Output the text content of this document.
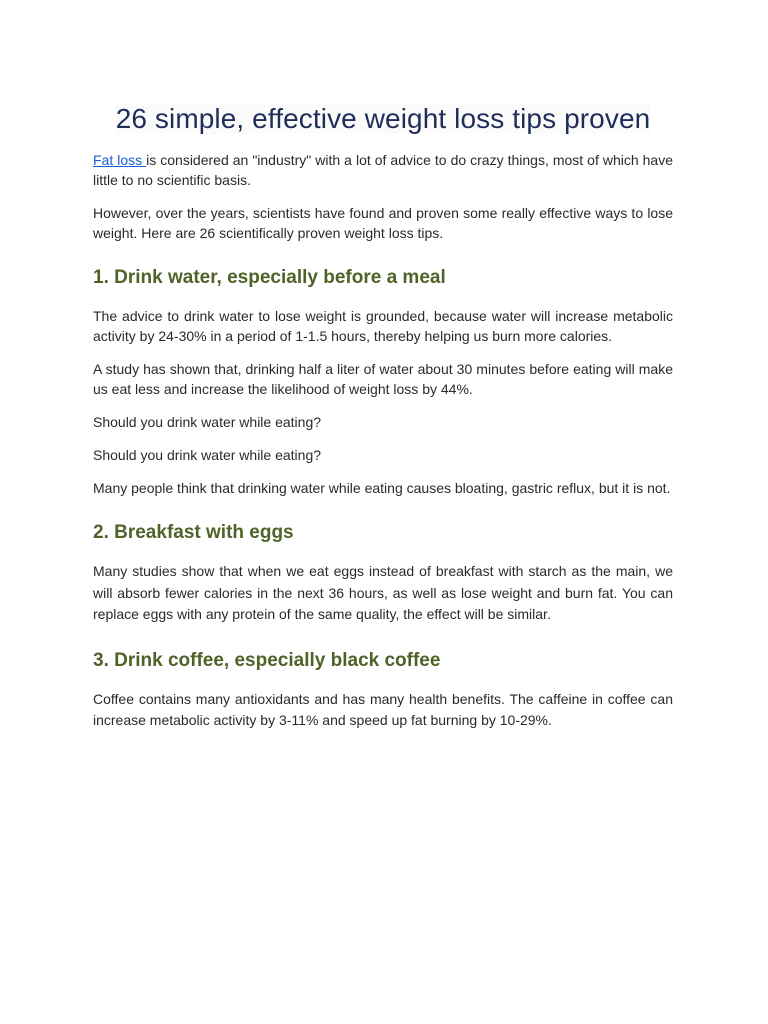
26 simple, effective weight loss tips proven

Fat loss is considered an "industry" with a lot of advice to do crazy things, most of which have little to no scientific basis.

However, over the years, scientists have found and proven some really effective ways to lose weight. Here are 26 scientifically proven weight loss tips.

1. Drink water, especially before a meal

The advice to drink water to lose weight is grounded, because water will increase metabolic activity by 24-30% in a period of 1-1.5 hours, thereby helping us burn more calories.

A study has shown that, drinking half a liter of water about 30 minutes before eating will make us eat less and increase the likelihood of weight loss by 44%.

Should you drink water while eating?

Should you drink water while eating?

Many people think that drinking water while eating causes bloating, gastric reflux, but it is not.

2. Breakfast with eggs

Many studies show that when we eat eggs instead of breakfast with starch as the main, we will absorb fewer calories in the next 36 hours, as well as lose weight and burn fat. You can replace eggs with any protein of the same quality, the effect will be similar.

3. Drink coffee, especially black coffee

Coffee contains many antioxidants and has many health benefits. The caffeine in coffee can increase metabolic activity by 3-11% and speed up fat burning by 10-29%.
